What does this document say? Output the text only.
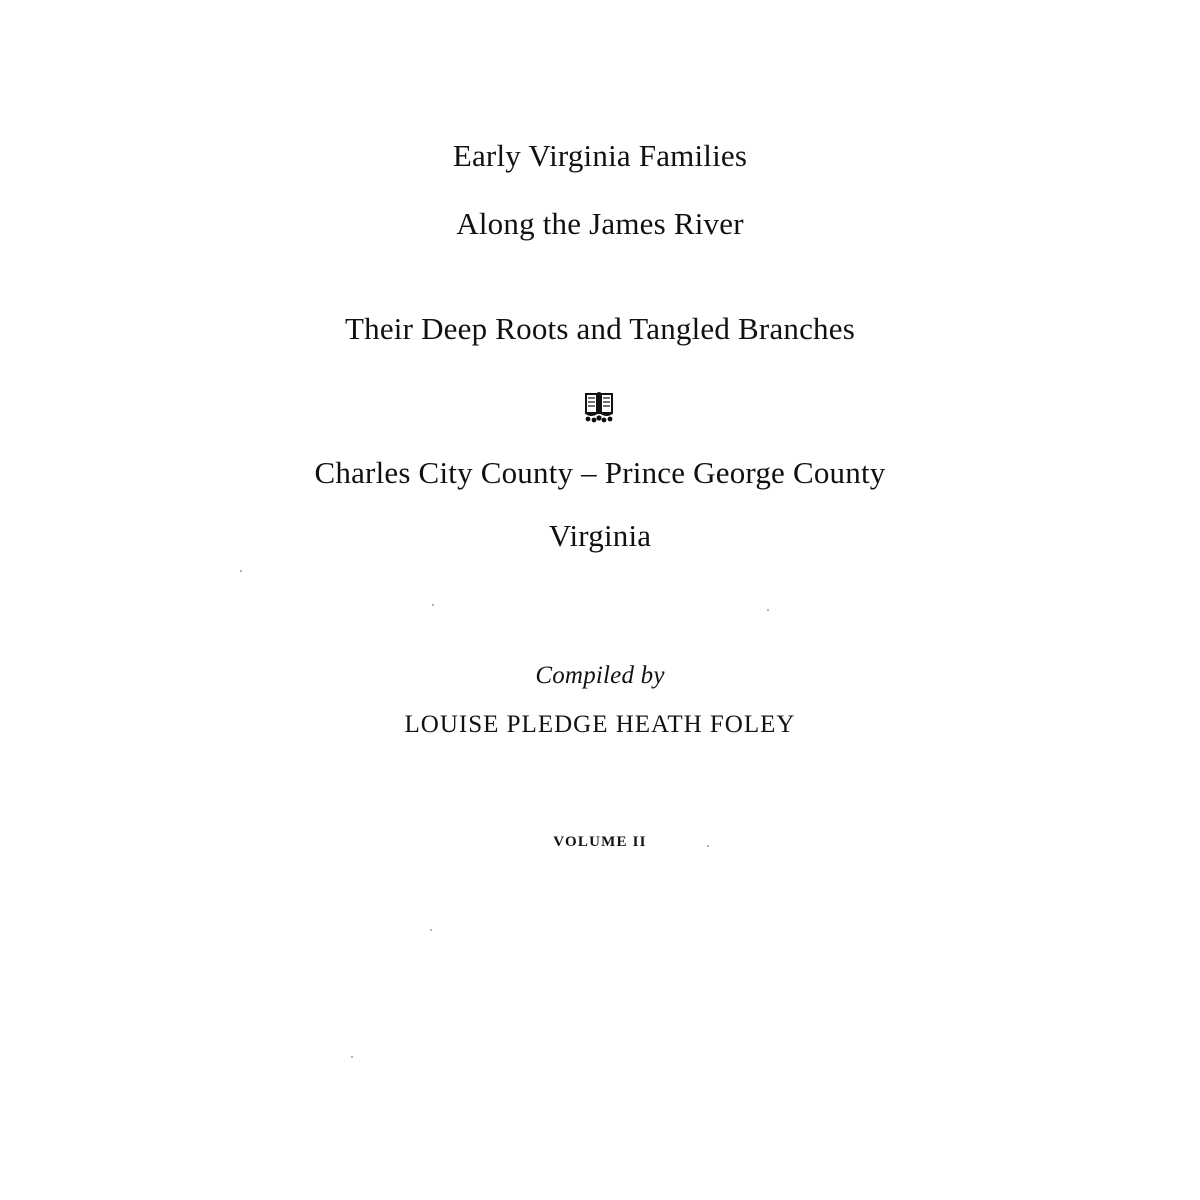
Early Virginia Families
Along the James River
Their Deep Roots and Tangled Branches
Charles City County – Prince George County
Virginia
Compiled by
LOUISE PLEDGE HEATH FOLEY
VOLUME II
